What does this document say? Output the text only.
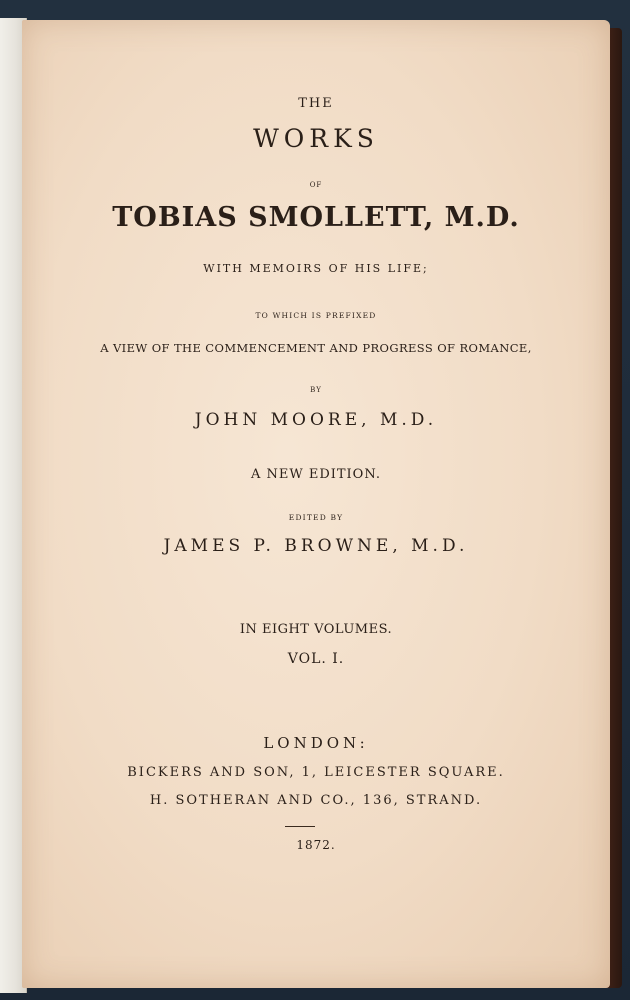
THE
WORKS
OF
TOBIAS SMOLLETT, M.D.
WITH MEMOIRS OF HIS LIFE;
TO WHICH IS PREFIXED
A VIEW OF THE COMMENCEMENT AND PROGRESS OF ROMANCE,
BY
JOHN MOORE, M.D.
A NEW EDITION.
EDITED BY
JAMES P. BROWNE, M.D.
IN EIGHT VOLUMES.
VOL. I.
LONDON:
BICKERS AND SON, 1, LEICESTER SQUARE.
H. SOTHERAN AND CO., 136, STRAND.
1872.
